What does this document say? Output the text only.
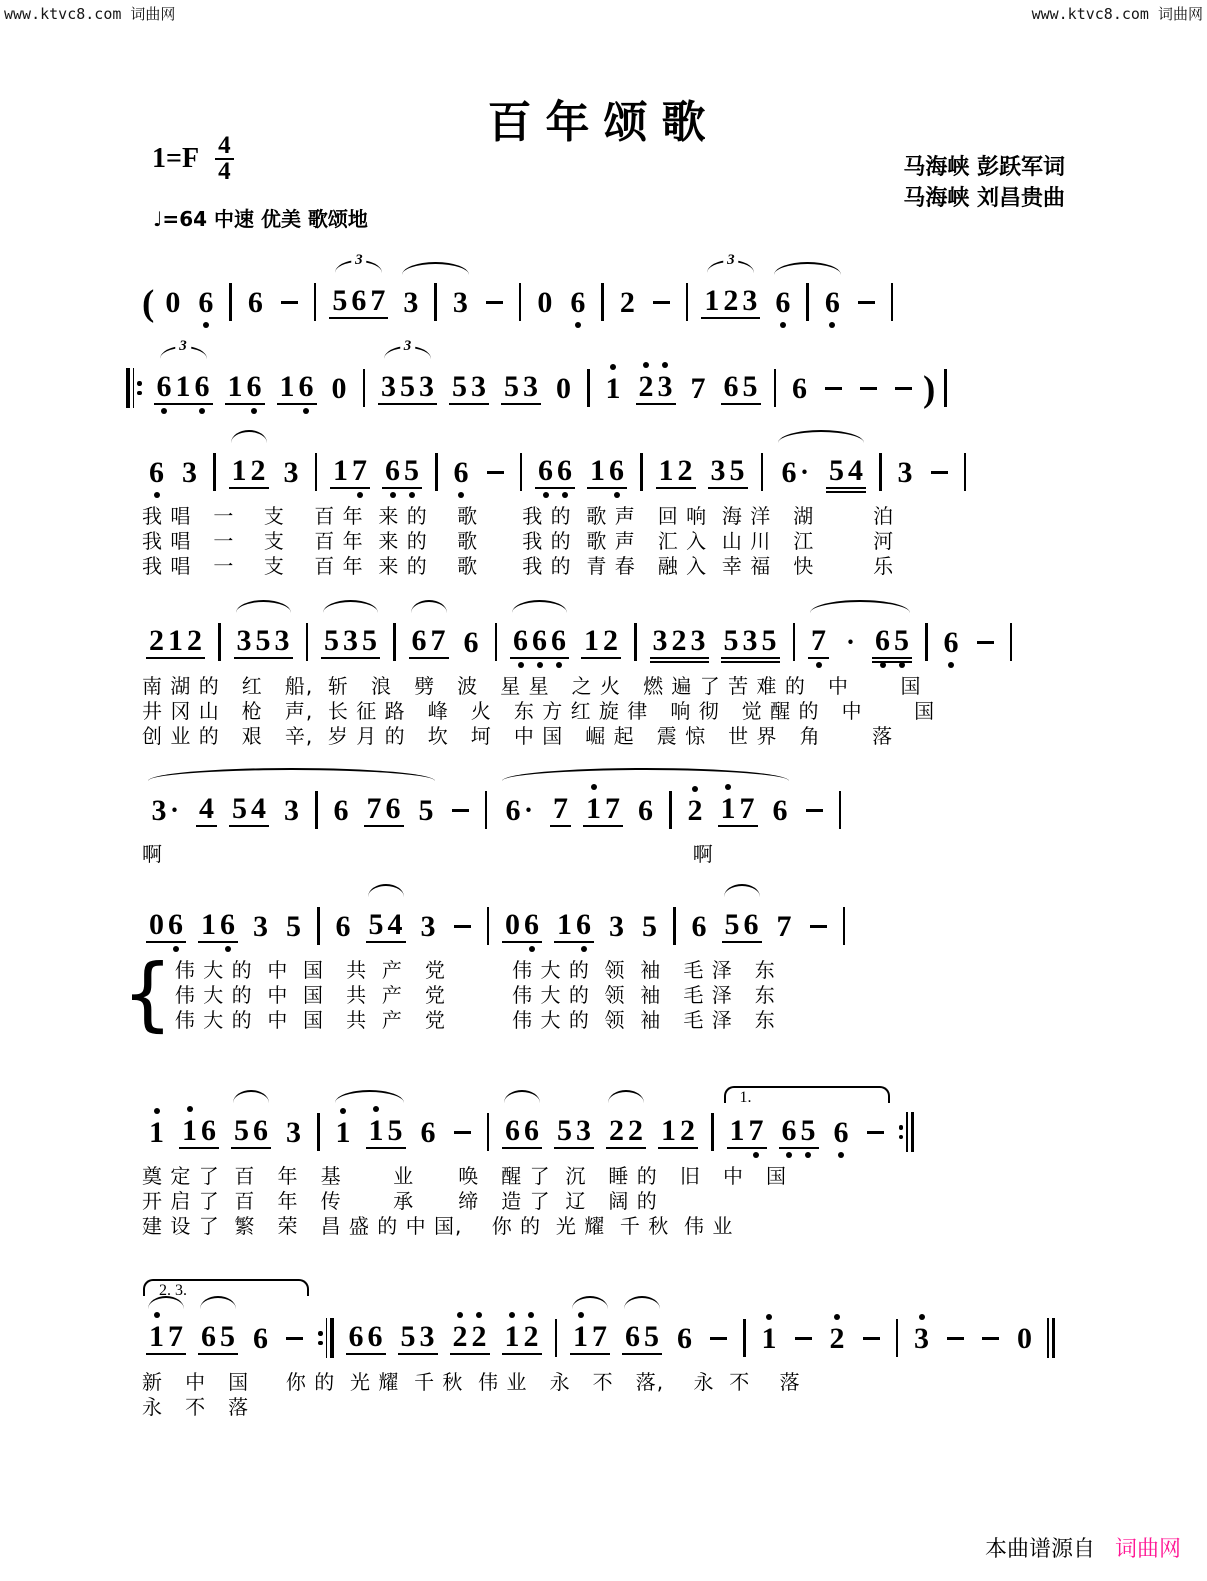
www.ktvc8.com 词曲网	www.ktvc8.com 词曲网
百年颂歌
$1=F \frac{4}{4}$	马海峡 彭跃军词
马海峡 刘昌贵曲
♩=64 中速 优美 歌颂地
( 0 6 6
3
5 6 7 3 3 0 6 2
3
1 2 3 6 6
3
6 1 6 1 6 1 6 0
3
3 5 3 5 3 5 3 0 1 2 3 7 6 5 6	)
6 3 1 2 3 1 7 6 5 6 6 6 1 6 1 2 3 5 6 · 5 4 3
我 唱   一    支    百 年  来 的    歌      我 的  歌 声   回 响  海 洋   湖        泊
我 唱   一    支    百 年  来 的    歌      我 的  歌 声   汇 入  山 川   江        河
我 唱   一    支    百 年  来 的    歌      我 的  青 春   融 入  幸 福   快        乐
2 1 2 3 5 3 5 3 5 6 7 6 6 6 6 1 2 3 2 3 5 3 5 7 · 6 5 6
南 湖 的   红   船,  斩   浪   劈   波   星 星   之 火   燃 遍 了 苦 难 的   中       国
井 冈 山   枪   声,  长 征 路   峰   火   东 方 红 旋 律   响 彻   觉 醒 的   中       国
创 业 的   艰   辛,  岁 月 的   坎   坷   中 国   崛 起   震 惊   世 界   角       落
3 · 4 5 4 3 6 7 6 5 6 · 7 1 7 6 2 1 7 6
啊                                                                        啊
0 6 1 6 3 5 6 5 4 3 0 6 1 6 3 5 6 5 6 7
{ 伟 大 的  中  国   共  产   党         伟 大 的  领  袖   毛 泽   东
伟 大 的  中  国   共  产   党         伟 大 的  领  袖   毛 泽   东
伟 大 的  中  国   共  产   党         伟 大 的  领  袖   毛 泽   东
1 1 6 5 6 3 1 1 5 6 6 6 5 3 2 2 1 2
1.
1 7 6 5 6
奠 定 了  百   年   基       业      唤   醒 了  沉   睡 的   旧   中   国
开 启 了  百   年   传       承      缔   造 了  辽   阔 的
建 设 了  繁   荣   昌 盛 的 中 国,    你 的  光 耀  千 秋  伟 业
2. 3.
1 7 6 5 6	6 6 5 3 2 2 1 2 1 7 6 5 6 1 2 3	0
新   中   国     你 的  光 耀  千 秋  伟 业   永   不   落,    永  不    落
永   不   落
本曲谱源自 词曲网
